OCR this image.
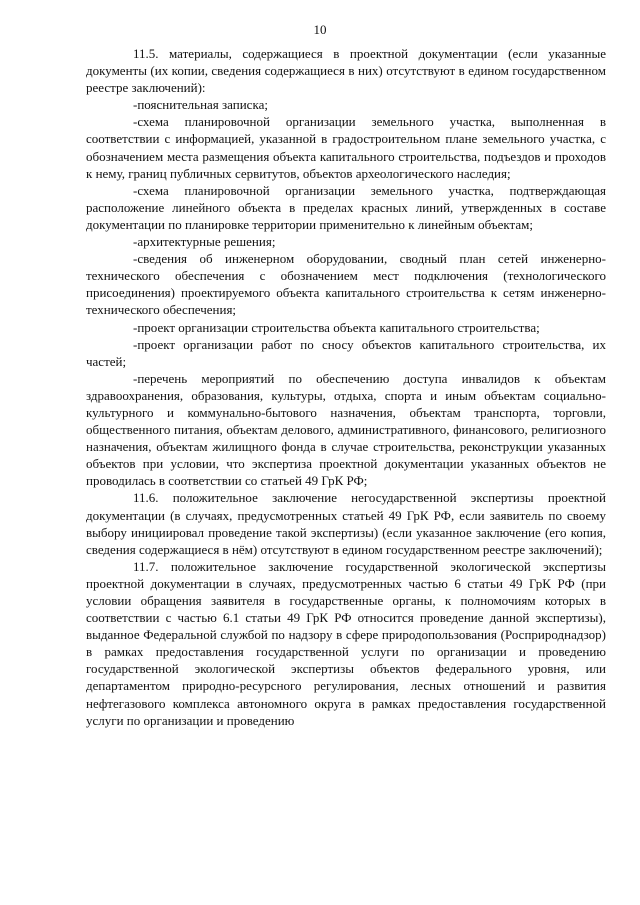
10

11.5. материалы, содержащиеся в проектной документации (если указанные документы (их копии, сведения содержащиеся в них) отсутствуют в едином государственном реестре заключений):

-пояснительная записка;

-схема планировочной организации земельного участка, выполненная в соответствии с информацией, указанной в градостроительном плане земельного участка, с обозначением места размещения объекта капитального строительства, подъездов и проходов к нему, границ публичных сервитутов, объектов археологического наследия;

-схема планировочной организации земельного участка, подтверждающая расположение линейного объекта в пределах красных линий, утвержденных в составе документации по планировке территории применительно к линейным объектам;

-архитектурные решения;

-сведения об инженерном оборудовании, сводный план сетей инженерно-технического обеспечения с обозначением мест подключения (технологического присоединения) проектируемого объекта капитального строительства к сетям инженерно-технического обеспечения;

-проект организации строительства объекта капитального строительства;

-проект организации работ по сносу объектов капитального строительства, их частей;

-перечень мероприятий по обеспечению доступа инвалидов к объектам здравоохранения, образования, культуры, отдыха, спорта и иным объектам социально-культурного и коммунально-бытового назначения, объектам транспорта, торговли, общественного питания, объектам делового, административного, финансового, религиозного назначения, объектам жилищного фонда в случае строительства, реконструкции указанных объектов при условии, что экспертиза проектной документации указанных объектов не проводилась в соответствии со статьей 49 ГрК РФ;

11.6. положительное заключение негосударственной экспертизы проектной документации (в случаях, предусмотренных статьей 49 ГрК РФ, если заявитель по своему выбору инициировал проведение такой экспертизы) (если указанное заключение (его копия, сведения содержащиеся в нём) отсутствуют в едином государственном реестре заключений);

11.7. положительное заключение государственной экологической экспертизы проектной документации в случаях, предусмотренных частью 6 статьи 49 ГрК РФ (при условии обращения заявителя в государственные органы, к полномочиям которых в соответствии с частью 6.1 статьи 49 ГрК РФ относится проведение данной экспертизы), выданное Федеральной службой по надзору в сфере природопользования (Росприроднадзор) в рамках предоставления государственной услуги по организации и проведению государственной экологической экспертизы объектов федерального уровня, или департаментом природно-ресурсного регулирования, лесных отношений и развития нефтегазового комплекса автономного округа в рамках предоставления государственной услуги по организации и проведению
